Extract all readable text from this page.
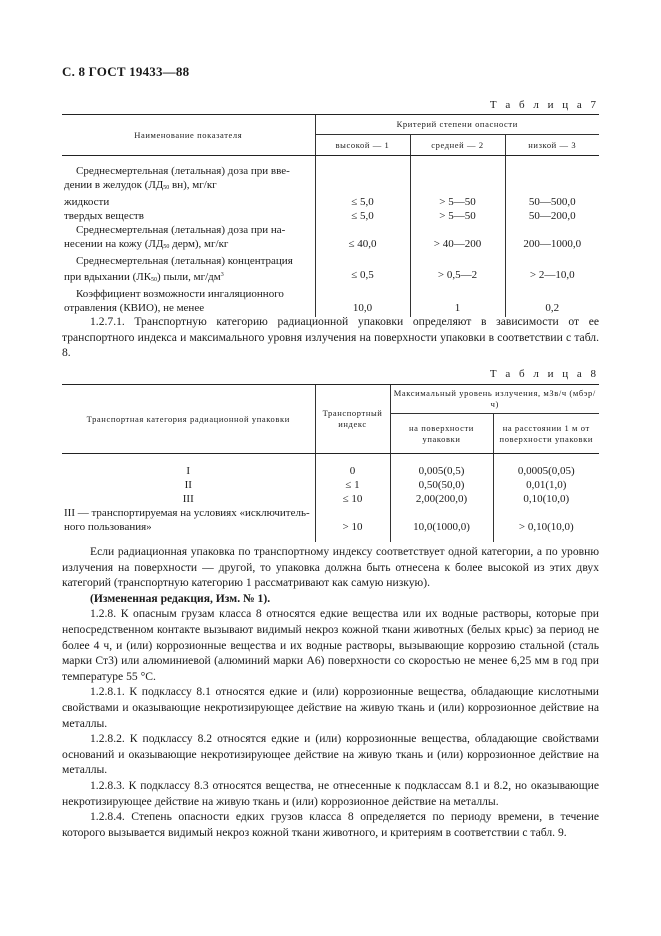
С. 8 ГОСТ 19433—88
Т а б л и ц а 7
Наименование показателя	Критерий степени опасности		
	высокой — 1	средней — 2	низкой — 3

Среднесмертельная (летальная) доза при вве-			
дении в желудок (ЛД50 вн), мг/кг			
жидкости	≤ 5,0	> 5—50	50—500,0
твердых веществ	≤ 5,0	> 5—50	50—200,0
Среднесмертельная (летальная) доза при на-			
несении на кожу (ЛД50 дерм), мг/кг	≤ 40,0	> 40—200	200—1000,0
Среднесмертельная (летальная) концентрация			
при вдыхании (ЛК50) пыли, $мг/дм^3$	≤ 0,5	> 0,5—2	> 2—10,0
Коэффициент возможности ингаляционного			
отравления (КВИО), не менее	10,0	1	0,2

1.2.7.1. Транспортную категорию радиационной упаковки определяют в зависимости от ее транспортного индекса и максимального уровня излучения на поверхности упаковки в соответствии с табл. 8.

Т а б л и ц а 8
Транспортная категория радиационной упаковки	Транспортный индекс	Максимальный уровень излучения, мЗв/ч (мбэр/ч)	
		на поверхности упаковки	на расстоянии 1 м от поверхности упаковки

I	0	0,005(0,5)	0,0005(0,05)
II	≤ 1	0,50(50,0)	0,01(1,0)
III	≤ 10	2,00(200,0)	0,10(10,0)
III — транспортируемая на условиях «исключитель-			
ного пользования»	> 10	10,0(1000,0)	> 0,10(10,0)

Если радиационная упаковка по транспортному индексу соответствует одной категории, а по уровню излучения на поверхности — другой, то упаковка должна быть отнесена к более высокой из этих двух категорий (транспортную категорию 1 рассматривают как самую низкую).

(Измененная редакция, Изм. № 1).

1.2.8. К опасным грузам класса 8 относятся едкие вещества или их водные растворы, которые при непосредственном контакте вызывают видимый некроз кожной ткани животных (белых крыс) за период не более 4 ч, и (или) коррозионные вещества и их водные растворы, вызывающие коррозию стальной (сталь марки Ст3) или алюминиевой (алюминий марки А6) поверхности со скоростью не менее 6,25 мм в год при температуре 55 °С.

1.2.8.1. К подклассу 8.1 относятся едкие и (или) коррозионные вещества, обладающие кислотными свойствами и оказывающие некротизирующее действие на живую ткань и (или) коррозионное действие на металлы.

1.2.8.2. К подклассу 8.2 относятся едкие и (или) коррозионные вещества, обладающие свойствами оснований и оказывающие некротизирующее действие на живую ткань и (или) коррозионное действие на металлы.

1.2.8.3. К подклассу 8.3 относятся вещества, не отнесенные к подклассам 8.1 и 8.2, но оказывающие некротизирующее действие на живую ткань и (или) коррозионное действие на металлы.

1.2.8.4. Степень опасности едких грузов класса 8 определяется по периоду времени, в течение которого вызывается видимый некроз кожной ткани животного, и критериям в соответствии с табл. 9.
